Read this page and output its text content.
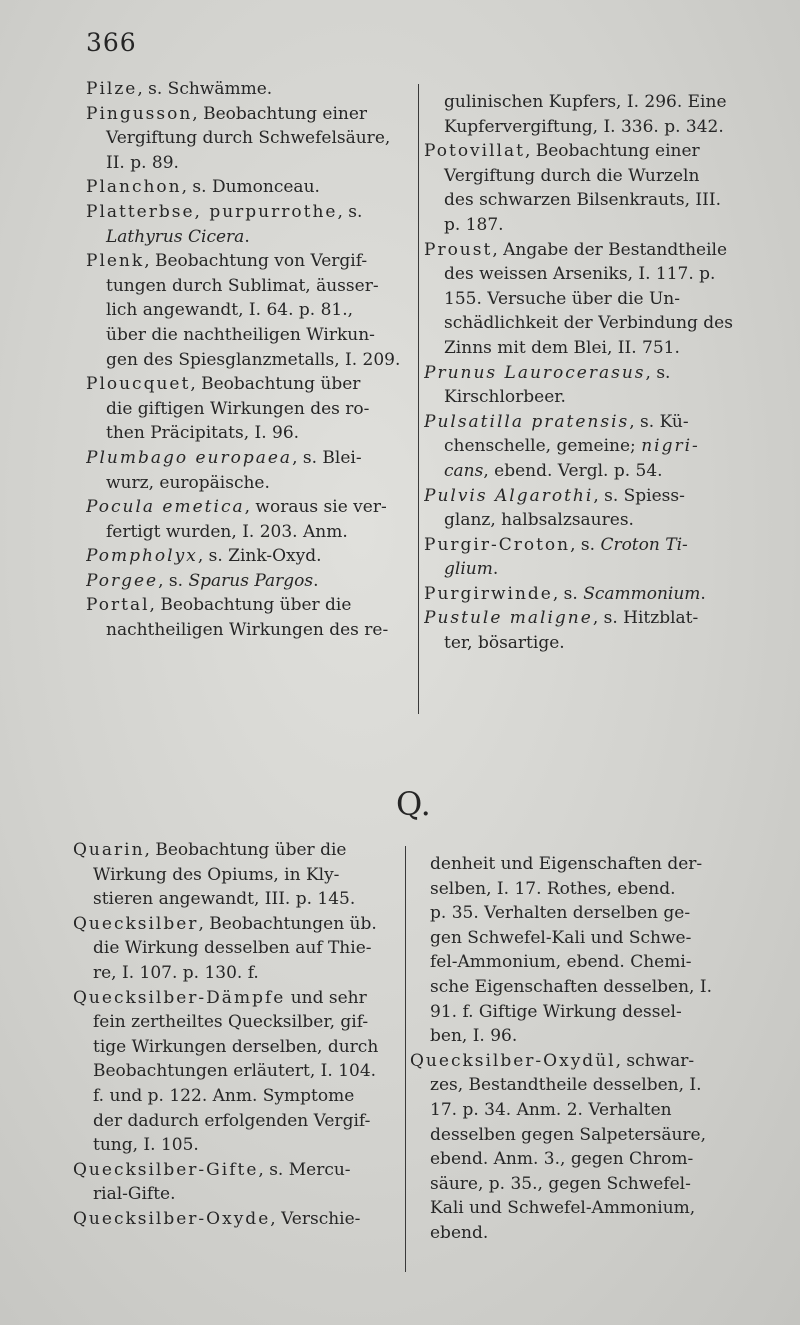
366
Pilze, s. Schwämme.
Pingusson, Beobachtung einer
Vergiftung durch Schwefelsäure,
II. p. 89.
Planchon, s. Dumonceau.
Platterbse, purpurrothe, s.
Lathyrus Cicera.
Plenk, Beobachtung von Vergif-
tungen durch Sublimat, äusser-
lich angewandt, I. 64. p. 81.,
über die nachtheiligen Wirkun-
gen des Spiesglanzmetalls, I. 209.
Ploucquet, Beobachtung über
die giftigen Wirkungen des ro-
then Präcipitats, I. 96.
Plumbago europaea, s. Blei-
wurz, europäische.
Pocula emetica, woraus sie ver-
fertigt wurden, I. 203. Anm.
Pompholyx, s. Zink-Oxyd.
Porgee, s. Sparus Pargos.
Portal, Beobachtung über die
nachtheiligen Wirkungen des re-
gulinischen Kupfers, I. 296. Eine
Kupfervergiftung, I. 336. p. 342.
Potovillat, Beobachtung einer
Vergiftung durch die Wurzeln
des schwarzen Bilsenkrauts, III.
p. 187.
Proust, Angabe der Bestandtheile
des weissen Arseniks, I. 117. p.
155. Versuche über die Un-
schädlichkeit der Verbindung des
Zinns mit dem Blei, II. 751.
Prunus Laurocerasus, s.
Kirschlorbeer.
Pulsatilla pratensis, s. Kü-
chenschelle, gemeine; nigri-
cans, ebend. Vergl. p. 54.
Pulvis Algarothi, s. Spiess-
glanz, halbsalzsaures.
Purgir-Croton, s. Croton Ti-
glium.
Purgirwinde, s. Scammonium.
Pustule maligne, s. Hitzblat-
ter, bösartige.
Q.
Quarin, Beobachtung über die
Wirkung des Opiums, in Kly-
stieren angewandt, III. p. 145.
Quecksilber, Beobachtungen üb.
die Wirkung desselben auf Thie-
re, I. 107. p. 130. f.
Quecksilber-Dämpfe und sehr
fein zertheiltes Quecksilber, gif-
tige Wirkungen derselben, durch
Beobachtungen erläutert, I. 104.
f. und p. 122. Anm. Symptome
der dadurch erfolgenden Vergif-
tung, I. 105.
Quecksilber-Gifte, s. Mercu-
rial-Gifte.
Quecksilber-Oxyde, Verschie-
denheit und Eigenschaften der-
selben, I. 17. Rothes, ebend.
p. 35. Verhalten derselben ge-
gen Schwefel-Kali und Schwe-
fel-Ammonium, ebend. Chemi-
sche Eigenschaften desselben, I.
91. f. Giftige Wirkung dessel-
ben, I. 96.
Quecksilber-Oxydül, schwar-
zes, Bestandtheile desselben, I.
17. p. 34. Anm. 2. Verhalten
desselben gegen Salpetersäure,
ebend. Anm. 3., gegen Chrom-
säure, p. 35., gegen Schwefel-
Kali und Schwefel-Ammonium,
ebend.
